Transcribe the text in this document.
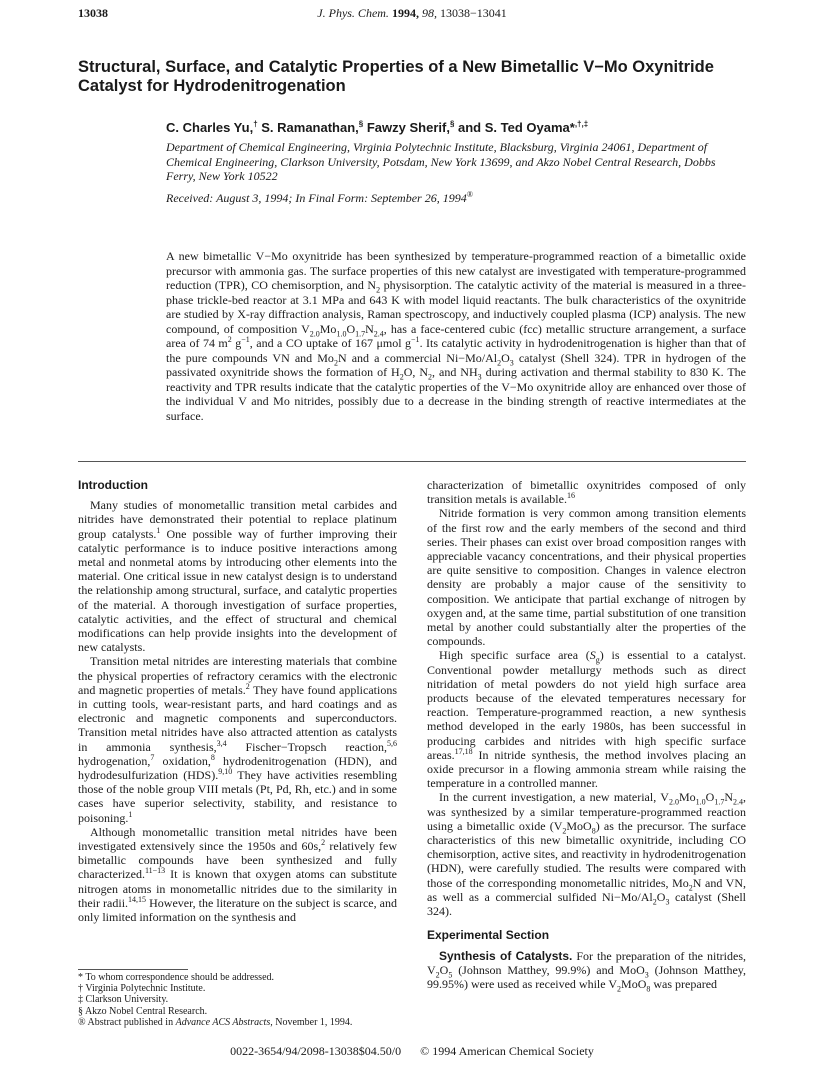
13038	J. Phys. Chem. 1994, 98, 13038−13041
Structural, Surface, and Catalytic Properties of a New Bimetallic V−Mo Oxynitride Catalyst for Hydrodenitrogenation
C. Charles Yu,† S. Ramanathan,§ Fawzy Sherif,§ and S. Ted Oyama*,†,‡
Department of Chemical Engineering, Virginia Polytechnic Institute, Blacksburg, Virginia 24061, Department of Chemical Engineering, Clarkson University, Potsdam, New York 13699, and Akzo Nobel Central Research, Dobbs Ferry, New York 10522
Received: August 3, 1994; In Final Form: September 26, 1994®

A new bimetallic V−Mo oxynitride has been synthesized by temperature-programmed reaction of a bimetallic oxide precursor with ammonia gas. The surface properties of this new catalyst are investigated with temperature-programmed reduction (TPR), CO chemisorption, and $N_2$ physisorption. The catalytic activity of the material is measured in a three-phase trickle-bed reactor at 3.1 MPa and 643 K with model liquid reactants. The bulk characteristics of the oxynitride are studied by X-ray diffraction analysis, Raman spectroscopy, and inductively coupled plasma (ICP) analysis. The new compound, of composition $V_{2.0}Mo_{1.0}O_{1.7}N_{2.4}$, has a face-centered cubic (fcc) metallic structure arrangement, a surface area of 74 $m^2$ $g^{-1}$, and a CO uptake of 167 μmol $g^{-1}$. Its catalytic activity in hydrodenitrogenation is higher than that of the pure compounds VN and $Mo_2N$ and a commercial $Ni-Mo/Al_2O_3$ catalyst (Shell 324). TPR in hydrogen of the passivated oxynitride shows the formation of $H_2O$, $N_2$, and $NH_3$ during activation and thermal stability to 830 K. The reactivity and TPR results indicate that the catalytic properties of the V−Mo oxynitride alloy are enhanced over those of the individual V and Mo nitrides, possibly due to a decrease in the binding strength of reactive intermediates at the surface.

Introduction

Many studies of monometallic transition metal carbides and nitrides have demonstrated their potential to replace platinum group catalysts.$^1$ One possible way of further improving their catalytic performance is to induce positive interactions among metal and nonmetal atoms by introducing other elements into the material. One critical issue in new catalyst design is to understand the relationship among structural, surface, and catalytic properties of the material. A thorough investigation of surface properties, catalytic activities, and the effect of structural and chemical modifications can help provide insights into the development of new catalysts.

Transition metal nitrides are interesting materials that combine the physical properties of refractory ceramics with the electronic and magnetic properties of metals.$^2$ They have found applications in cutting tools, wear-resistant parts, and hard coatings and as electronic and magnetic components and superconductors. Transition metal nitrides have also attracted attention as catalysts in ammonia synthesis,$^{3,4}$ Fischer−Tropsch reaction,$^{5,6}$ hydrogenation,$^7$ oxidation,$^8$ hydrodenitrogenation (HDN), and hydrodesulfurization (HDS).$^{9,10}$ They have activities resembling those of the noble group VIII metals (Pt, Pd, Rh, etc.) and in some cases have superior selectivity, stability, and resistance to poisoning.$^1$

Although monometallic transition metal nitrides have been investigated extensively since the 1950s and 60s,$^2$ relatively few bimetallic compounds have been synthesized and fully characterized.$^{11-13}$ It is known that oxygen atoms can substitute nitrogen atoms in monometallic nitrides due to the similarity in their radii.$^{14,15}$ However, the literature on the subject is scarce, and only limited information on the synthesis and

characterization of bimetallic oxynitrides composed of only transition metals is available.$^{16}$

Nitride formation is very common among transition elements of the first row and the early members of the second and third series. Their phases can exist over broad composition ranges with appreciable vacancy concentrations, and their physical properties are quite sensitive to composition. Changes in valence electron density are probably a major cause of the sensitivity to composition. We anticipate that partial exchange of nitrogen by oxygen and, at the same time, partial substitution of one transition metal by another could substantially alter the properties of the compounds.

High specific surface area $(S_g)$ is essential to a catalyst. Conventional powder metallurgy methods such as direct nitridation of metal powders do not yield high surface area products because of the elevated temperatures necessary for reaction. Temperature-programmed reaction, a new synthesis method developed in the early 1980s, has been successful in producing carbides and nitrides with high specific surface areas.$^{17,18}$ In nitride synthesis, the method involves placing an oxide precursor in a flowing ammonia stream while raising the temperature in a controlled manner.

In the current investigation, a new material, $V_{2.0}Mo_{1.0}O_{1.7}N_{2.4}$, was synthesized by a similar temperature-programmed reaction using a bimetallic oxide $(V_2MoO_8)$ as the precursor. The surface characteristics of this new bimetallic oxynitride, including CO chemisorption, active sites, and reactivity in hydrodenitrogenation (HDN), were carefully studied. The results were compared with those of the corresponding monometallic nitrides, $Mo_2N$ and VN, as well as a commercial sulfided $Ni-Mo/Al_2O_3$ catalyst (Shell 324).

Experimental Section

Synthesis of Catalysts. For the preparation of the nitrides, $V_2O_5$ (Johnson Matthey, 99.9%) and MoO$_3$ (Johnson Matthey, 99.95%) were used as received while $V_2MoO_8$ was prepared

* To whom correspondence should be addressed.

† Virginia Polytechnic Institute.

‡ Clarkson University.

§ Akzo Nobel Central Research.

® Abstract published in Advance ACS Abstracts, November 1, 1994.

0022-3654/94/2098-13038$04.50/0 © 1994 American Chemical Society
